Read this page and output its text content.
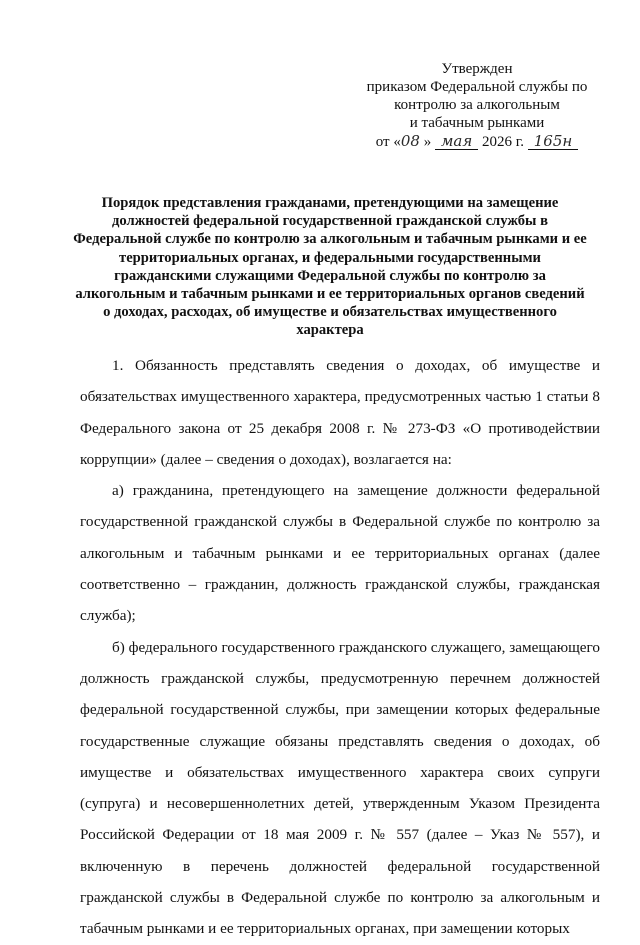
Утвержден
приказом Федеральной службы по
контролю за алкогольным
и табачным рынками
от «08 » мая 2026 г. 165н
Порядок представления гражданами, претендующими на замещение должностей федеральной государственной гражданской службы в Федеральной службе по контролю за алкогольным и табачным рынками и ее территориальных органах, и федеральными государственными гражданскими служащими Федеральной службы по контролю за алкогольным и табачным рынками и ее территориальных органов сведений о доходах, расходах, об имуществе и обязательствах имущественного характера

1. Обязанность представлять сведения о доходах, об имуществе и обязательствах имущественного характера, предусмотренных частью 1 статьи 8 Федерального закона от 25 декабря 2008 г. № 273-ФЗ «О противодействии коррупции» (далее – сведения о доходах), возлагается на:

а) гражданина, претендующего на замещение должности федеральной государственной гражданской службы в Федеральной службе по контролю за алкогольным и табачным рынками и ее территориальных органах (далее соответственно – гражданин, должность гражданской службы, гражданская служба);

б) федерального государственного гражданского служащего, замещающего должность гражданской службы, предусмотренную перечнем должностей федеральной государственной службы, при замещении которых федеральные государственные служащие обязаны представлять сведения о доходах, об имуществе и обязательствах имущественного характера своих супруги (супруга) и несовершеннолетних детей, утвержденным Указом Президента Российской Федерации от 18 мая 2009 г. № 557 (далее – Указ № 557), и включенную в перечень должностей федеральной государственной гражданской службы в Федеральной службе по контролю за алкогольным и табачным рынками и ее территориальных органах, при замещении которых
